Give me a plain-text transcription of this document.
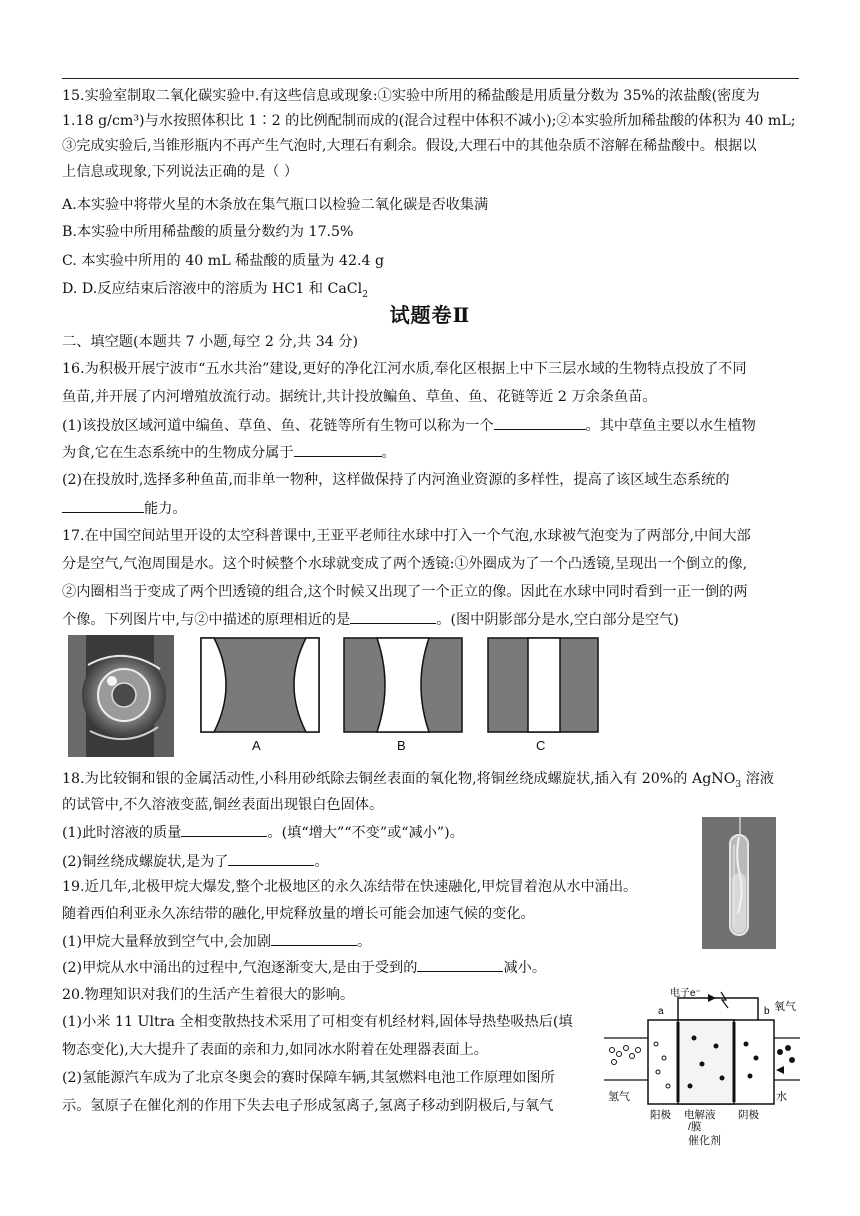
15.实验室制取二氧化碳实验中.有这些信息或现象:①实验中所用的稀盐酸是用质量分数为 35%的浓盐酸(密度为
1.18 g/cm³)与水按照体积比 1∶2 的比例配制而成的(混合过程中体积不减小);②本实验所加稀盐酸的体积为 40 mL;
③完成实验后,当锥形瓶内不再产生气泡时,大理石有剩余。假设,大理石中的其他杂质不溶解在稀盐酸中。根据以
上信息或现象,下列说法正确的是（ ）
A.本实验中将带火星的木条放在集气瓶口以检验二氧化碳是否收集满
B.本实验中所用稀盐酸的质量分数约为 17.5%
C. 本实验中所用的 40 mL 稀盐酸的质量为 42.4 g
D. D.反应结束后溶液中的溶质为 HC1 和 CaCl$_2$
试题卷Ⅱ
二、填空题(本题共 7 小题,每空 2 分,共 34 分)
16.为积极开展宁波市“五水共治”建设,更好的净化江河水质,奉化区根据上中下三层水域的生物特点投放了不同
鱼苗,并开展了内河增殖放流行动。据统计,共计投放鳊鱼、草鱼、鱼、花链等近 2 万余条鱼苗。
(1)该投放区域河道中编鱼、草鱼、鱼、花链等所有生物可以称为一个	。其中草鱼主要以水生植物
为食,它在生态系统中的生物成分属于	。
(2)在投放时,选择多种鱼苗,而非单一物种，这样做保持了内河渔业资源的多样性，提高了该区域生态系统的
能力。
17.在中国空间站里开设的太空科普课中,王亚平老师往水球中打入一个气泡,水球被气泡变为了两部分,中间大部
分是空气,气泡周围是水。这个时候整个水球就变成了两个透镜:①外圈成为了一个凸透镜,呈现出一个倒立的像,
②内圈相当于变成了两个凹透镜的组合,这个时候又出现了一个正立的像。因此在水球中同时看到一正一倒的两
个像。下列图片中,与②中描述的原理相近的是	。(图中阴影部分是水,空白部分是空气)
A	B	C
18.为比较铜和银的金属活动性,小科用砂纸除去铜丝表面的氧化物,将铜丝绕成螺旋状,插入有 20%的 AgNO$_3$ 溶液
的试管中,不久溶液变蓝,铜丝表面出现银白色固体。
(1)此时溶液的质量	。(填“增大”“不变”或“减小”)。
(2)铜丝绕成螺旋状,是为了	。
19.近几年,北极甲烷大爆发,整个北极地区的永久冻结带在快速融化,甲烷冒着泡从水中涌出。
随着西伯利亚永久冻结带的融化,甲烷释放量的增长可能会加速气候的变化。
(1)甲烷大量释放到空气中,会加剧	。
(2)甲烷从水中涌出的过程中,气泡逐渐变大,是由于受到的	减小。
20.物理知识对我们的生活产生着很大的影响。
(1)小米 11 Ultra 全相变散热技术采用了可相变有机经材料,固体导热垫吸热后(填
物态变化),大大提升了表面的亲和力,如同冰水附着在处理器表面上。
(2)氢能源汽车成为了北京冬奥会的赛时保障车辆,其氢燃料电池工作原理如图所
示。氢原子在催化剂的作用下失去电子形成氢离子,氢离子移动到阴极后,与氧气
电子e⁻
a	b 氧气
氢气	水
阳极 电解液
/膜
阴极
催化剂
